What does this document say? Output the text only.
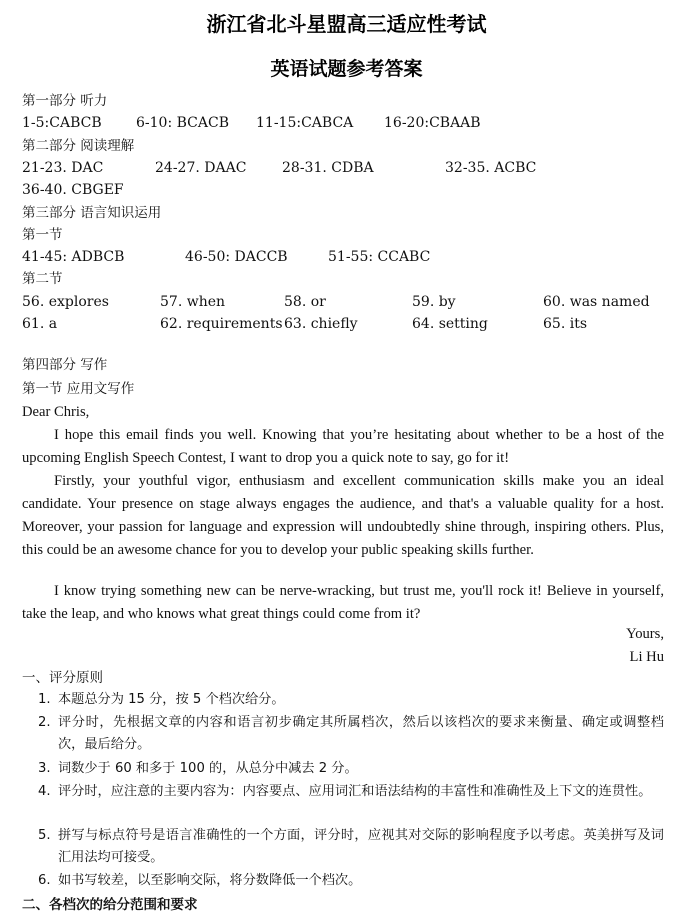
浙江省北斗星盟高三适应性考试
英语试题参考答案
第一部分 听力
1-5:CABCB 6-10: BCACB 11-15:CABCA 16-20:CBAAB
第二部分 阅读理解
21-23. DAC	24-27. DAAC	28-31. CDBA	32-35. ACBC
36-40. CBGEF
第三部分 语言知识运用
第一节
41-45: ADBCB	46-50: DACCB	51-55: CCABC
第二节
56. explores	57. when	58. or	59. by	60. was named
61. a	62. requirements 63. chiefly	64. setting	65. its
第四部分 写作
第一节 应用文写作
Dear Chris,

I hope this email finds you well. Knowing that you’re hesitating about whether to be a host of the upcoming English Speech Contest, I want to drop you a quick note to say, go for it!

Firstly, your youthful vigor, enthusiasm and excellent communication skills make you an ideal candidate. Your presence on stage always engages the audience, and that's a valuable quality for a host. Moreover, your passion for language and expression will undoubtedly shine through, inspiring others. Plus, this could be an awesome chance for you to develop your public speaking skills further.

I know trying something new can be nerve-wracking, but trust me, you'll rock it! Believe in yourself, take the leap, and who knows what great things could come from it?

Yours,
Li Hu
一、评分原则
1. 本题总分为 15 分，按 5 个档次给分。
2. 评分时，先根据文章的内容和语言初步确定其所属档次，然后以该档次的要求来衡量、确定或调整档次，最后给分。
3. 词数少于 60 和多于 100 的，从总分中减去 2 分。
4. 评分时，应注意的主要内容为：内容要点、应用词汇和语法结构的丰富性和准确性及上下文的连贯性。
5. 拼写与标点符号是语言准确性的一个方面，评分时，应视其对交际的影响程度予以考虑。英美拼写及词汇用法均可接受。
6. 如书写较差，以至影响交际，将分数降低一个档次。
二、各档次的给分范围和要求
